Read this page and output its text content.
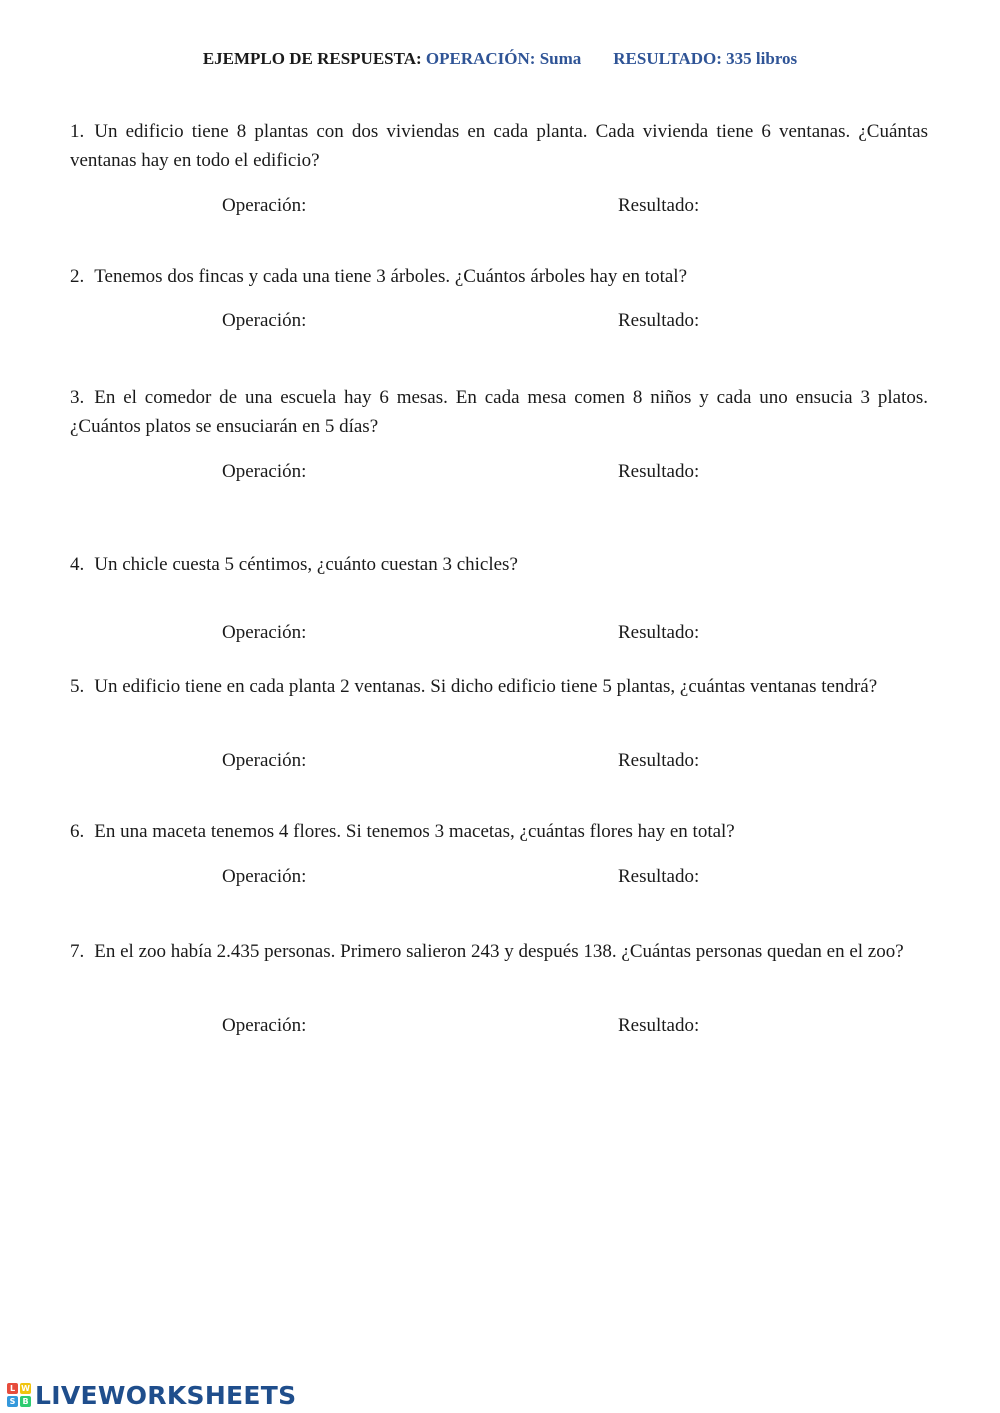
EJEMPLO DE RESPUESTA: OPERACIÓN: Suma RESULTADO: 335 libros
1. Un edificio tiene 8 plantas con dos viviendas en cada planta. Cada vivienda tiene 6 ventanas. ¿Cuántas ventanas hay en todo el edificio?
Operación:	Resultado:
2. Tenemos dos fincas y cada una tiene 3 árboles. ¿Cuántos árboles hay en total?
Operación:	Resultado:
3. En el comedor de una escuela hay 6 mesas. En cada mesa comen 8 niños y cada uno ensucia 3 platos. ¿Cuántos platos se ensuciarán en 5 días?
Operación:	Resultado:
4. Un chicle cuesta 5 céntimos, ¿cuánto cuestan 3 chicles?
Operación:	Resultado:
5. Un edificio tiene en cada planta 2 ventanas. Si dicho edificio tiene 5 plantas, ¿cuántas ventanas tendrá?
Operación:	Resultado:
6. En una maceta tenemos 4 flores. Si tenemos 3 macetas, ¿cuántas flores hay en total?
Operación:	Resultado:
7. En el zoo había 2.435 personas. Primero salieron 243 y después 138. ¿Cuántas personas quedan en el zoo?
Operación:	Resultado:
L W
S B LIVEWORKSHEETS
